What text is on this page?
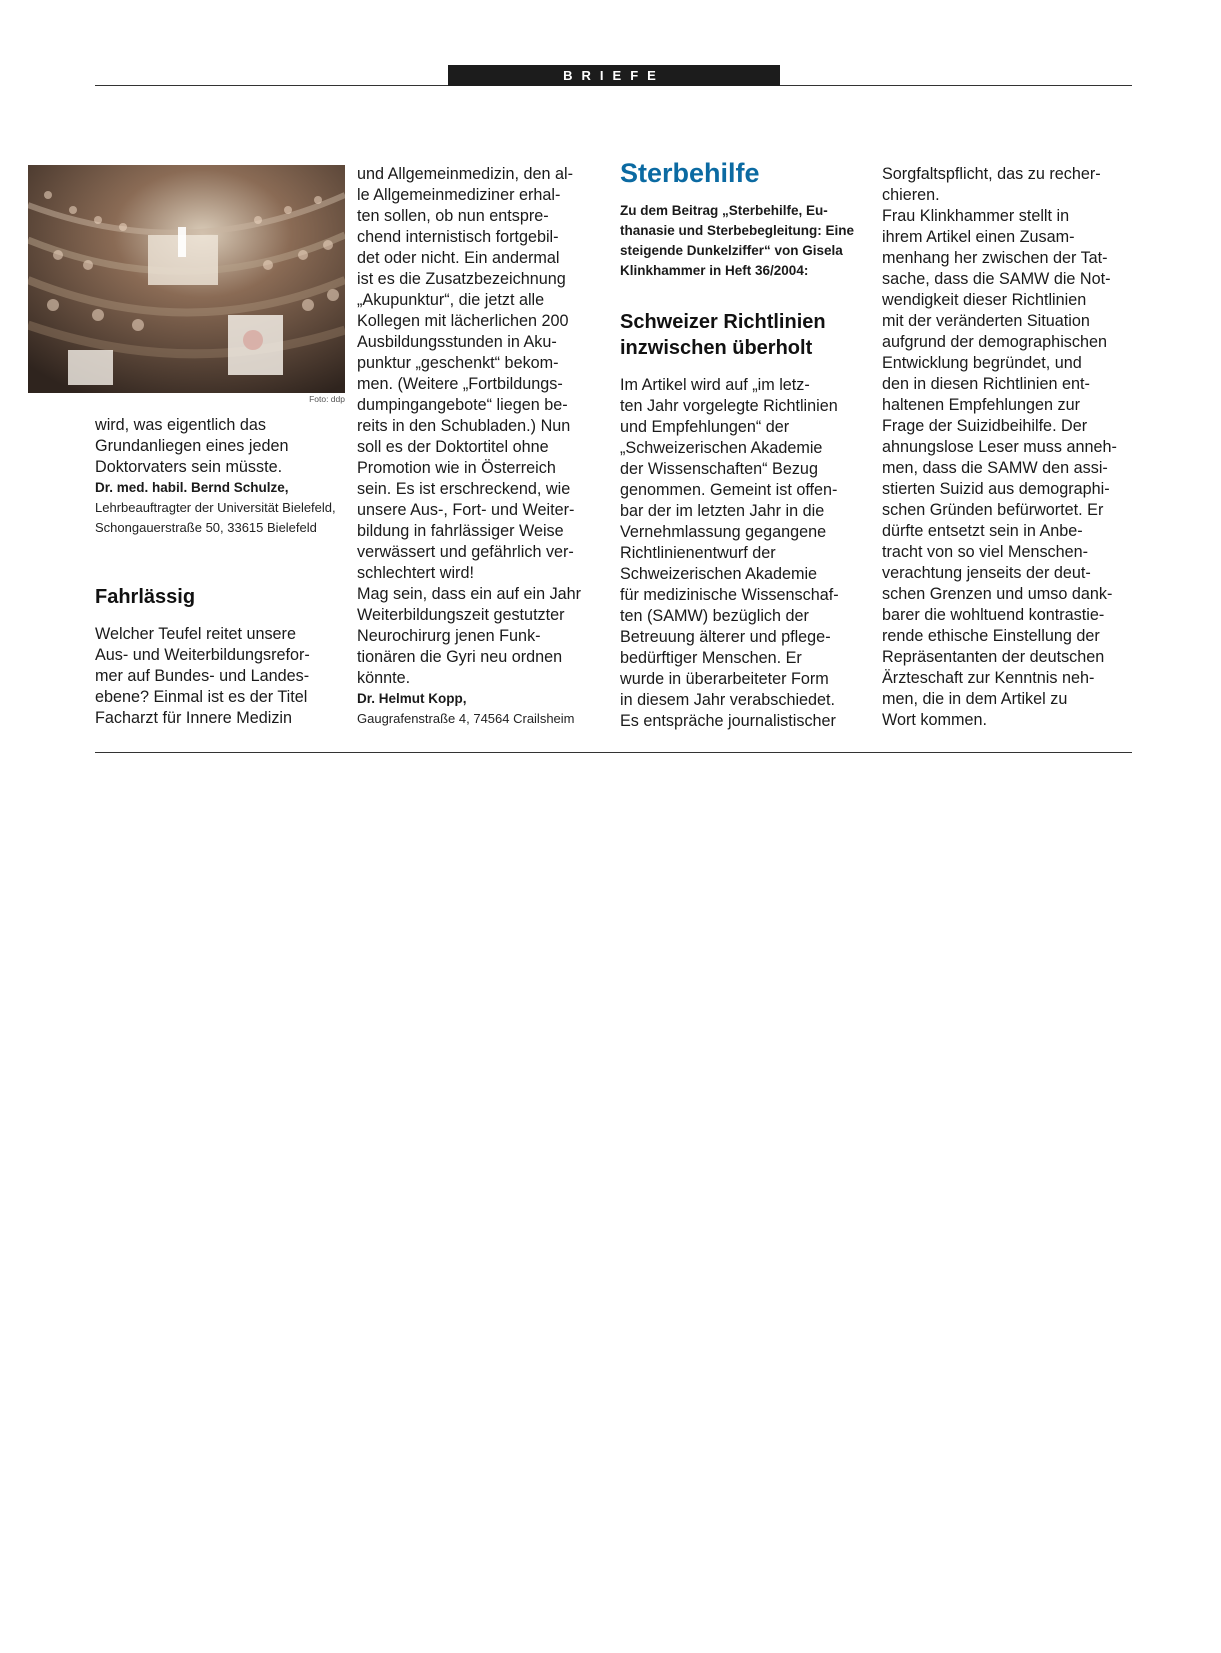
BRIEFE
Foto: ddp

wird, was eigentlich das

Grundanliegen eines jeden

Doktorvaters sein müsste.

Dr. med. habil. Bernd Schulze,
Lehrbeauftragter der Universität Bielefeld,
Schongauerstraße 50, 33615 Bielefeld
Fahrlässig

Welcher Teufel reitet unsere

Aus- und Weiterbildungsrefor-

mer auf Bundes- und Landes-

ebene? Einmal ist es der Titel

Facharzt für Innere Medizin

und Allgemeinmedizin, den al-

le Allgemeinmediziner erhal-

ten sollen, ob nun entspre-

chend internistisch fortgebil-

det oder nicht. Ein andermal

ist es die Zusatzbezeichnung

„Akupunktur“, die jetzt alle

Kollegen mit lächerlichen 200

Ausbildungsstunden in Aku-

punktur „geschenkt“ bekom-

men. (Weitere „Fortbildungs-

dumpingangebote“ liegen be-

reits in den Schubladen.) Nun

soll es der Doktortitel ohne

Promotion wie in Österreich

sein. Es ist erschreckend, wie

unsere Aus-, Fort- und Weiter-

bildung in fahrlässiger Weise

verwässert und gefährlich ver-

schlechtert wird!

Mag sein, dass ein auf ein Jahr

Weiterbildungszeit gestutzter

Neurochirurg jenen Funk-

tionären die Gyri neu ordnen

könnte.

Dr. Helmut Kopp,
Gaugrafenstraße 4, 74564 Crailsheim
Sterbehilfe
Zu dem Beitrag „Sterbehilfe, Eu-
thanasie und Sterbebegleitung: Eine
steigende Dunkelziffer“ von Gisela
Klinkhammer in Heft 36/2004:
Schweizer Richtlinien
inzwischen überholt

Im Artikel wird auf „im letz-

ten Jahr vorgelegte Richtlinien

und Empfehlungen“ der

„Schweizerischen Akademie

der Wissenschaften“ Bezug

genommen. Gemeint ist offen-

bar der im letzten Jahr in die

Vernehmlassung gegangene

Richtlinienentwurf der

Schweizerischen Akademie

für medizinische Wissenschaf-

ten (SAMW) bezüglich der

Betreuung älterer und pflege-

bedürftiger Menschen. Er

wurde in überarbeiteter Form

in diesem Jahr verabschiedet.

Es entspräche journalistischer

Sorgfaltspflicht, das zu recher-

chieren.

Frau Klinkhammer stellt in

ihrem Artikel einen Zusam-

menhang her zwischen der Tat-

sache, dass die SAMW die Not-

wendigkeit dieser Richtlinien

mit der veränderten Situation

aufgrund der demographischen

Entwicklung begründet, und

den in diesen Richtlinien ent-

haltenen Empfehlungen zur

Frage der Suizidbeihilfe. Der

ahnungslose Leser muss anneh-

men, dass die SAMW den assi-

stierten Suizid aus demographi-

schen Gründen befürwortet. Er

dürfte entsetzt sein in Anbe-

tracht von so viel Menschen-

verachtung jenseits der deut-

schen Grenzen und umso dank-

barer die wohltuend kontrastie-

rende ethische Einstellung der

Repräsentanten der deutschen

Ärzteschaft zur Kenntnis neh-

men, die in dem Artikel zu

Wort kommen.
